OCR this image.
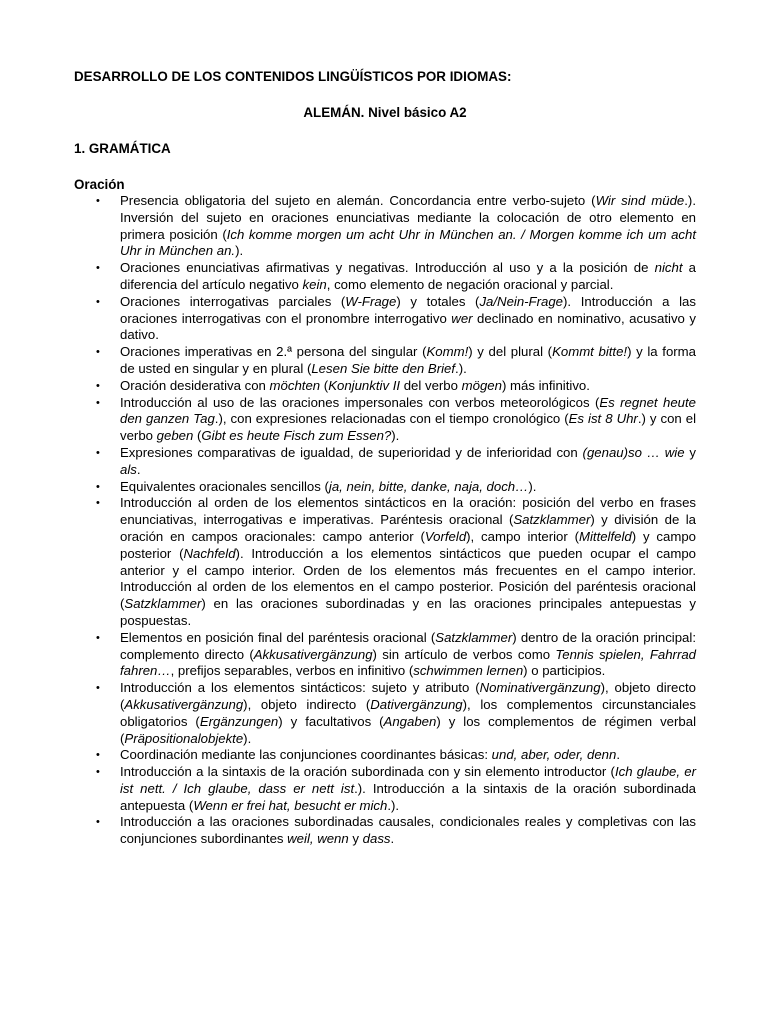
DESARROLLO DE LOS CONTENIDOS LINGÜÍSTICOS POR IDIOMAS:

ALEMÁN. Nivel básico A2

1. GRAMÁTICA

Oración

• Presencia obligatoria del sujeto en alemán. Concordancia entre verbo-sujeto (Wir sind müde.). Inversión del sujeto en oraciones enunciativas mediante la colocación de otro elemento en primera posición (Ich komme morgen um acht Uhr in München an. / Morgen komme ich um acht Uhr in München an.).
• Oraciones enunciativas afirmativas y negativas. Introducción al uso y a la posición de nicht a diferencia del artículo negativo kein, como elemento de negación oracional y parcial.
• Oraciones interrogativas parciales (W-Frage) y totales (Ja/Nein-Frage). Introducción a las oraciones interrogativas con el pronombre interrogativo wer declinado en nominativo, acusativo y dativo.
• Oraciones imperativas en 2.ª persona del singular (Komm!) y del plural (Kommt bitte!) y la forma de usted en singular y en plural (Lesen Sie bitte den Brief.).
• Oración desiderativa con möchten (Konjunktiv II del verbo mögen) más infinitivo.
• Introducción al uso de las oraciones impersonales con verbos meteorológicos (Es regnet heute den ganzen Tag.), con expresiones relacionadas con el tiempo cronológico (Es ist 8 Uhr.) y con el verbo geben (Gibt es heute Fisch zum Essen?).
• Expresiones comparativas de igualdad, de superioridad y de inferioridad con (genau)so … wie y als.
• Equivalentes oracionales sencillos (ja, nein, bitte, danke, naja, doch…).
• Introducción al orden de los elementos sintácticos en la oración: posición del verbo en frases enunciativas, interrogativas e imperativas. Paréntesis oracional (Satzklammer) y división de la oración en campos oracionales: campo anterior (Vorfeld), campo interior (Mittelfeld) y campo posterior (Nachfeld). Introducción a los elementos sintácticos que pueden ocupar el campo anterior y el campo interior. Orden de los elementos más frecuentes en el campo interior. Introducción al orden de los elementos en el campo posterior. Posición del paréntesis oracional (Satzklammer) en las oraciones subordinadas y en las oraciones principales antepuestas y pospuestas.
• Elementos en posición final del paréntesis oracional (Satzklammer) dentro de la oración principal: complemento directo (Akkusativergänzung) sin artículo de verbos como Tennis spielen, Fahrrad fahren…, prefijos separables, verbos en infinitivo (schwimmen lernen) o participios.
• Introducción a los elementos sintácticos: sujeto y atributo (Nominativergänzung), objeto directo (Akkusativergänzung), objeto indirecto (Dativergänzung), los complementos circunstanciales obligatorios (Ergänzungen) y facultativos (Angaben) y los complementos de régimen verbal (Präpositionalobjekte).
• Coordinación mediante las conjunciones coordinantes básicas: und, aber, oder, denn.
• Introducción a la sintaxis de la oración subordinada con y sin elemento introductor (Ich glaube, er ist nett. / Ich glaube, dass er nett ist.). Introducción a la sintaxis de la oración subordinada antepuesta (Wenn er frei hat, besucht er mich.).
• Introducción a las oraciones subordinadas causales, condicionales reales y completivas con las conjunciones subordinantes weil, wenn y dass.
